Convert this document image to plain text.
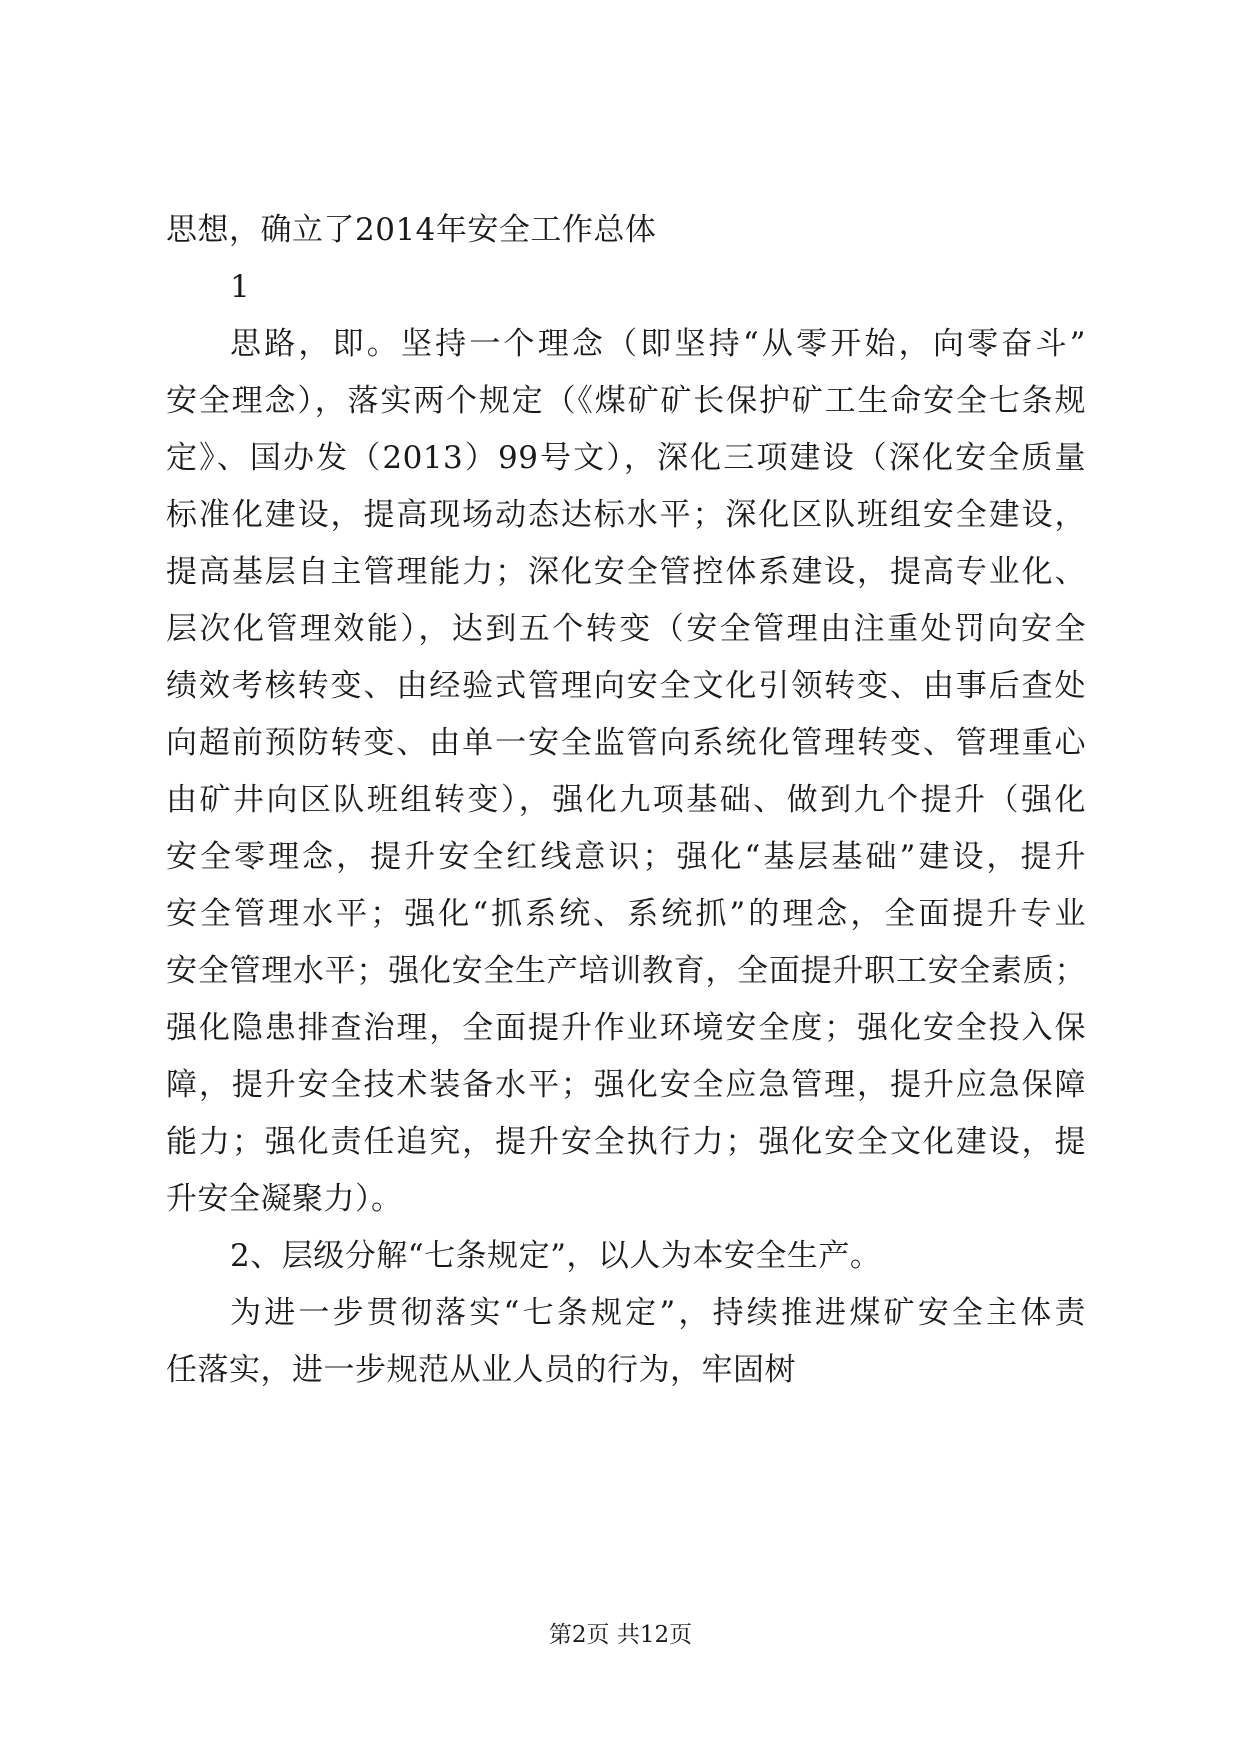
思想，确立了2014年安全工作总体
1
思路，即。坚持一个理念（即坚持“从零开始，向零奋斗”
安全理念），落实两个规定（《煤矿矿长保护矿工生命安全七条规
定》、国办发（2013）99号文），深化三项建设（深化安全质量
标准化建设，提高现场动态达标水平；深化区队班组安全建设，
提高基层自主管理能力；深化安全管控体系建设，提高专业化、
层次化管理效能），达到五个转变（安全管理由注重处罚向安全
绩效考核转变、由经验式管理向安全文化引领转变、由事后查处
向超前预防转变、由单一安全监管向系统化管理转变、管理重心
由矿井向区队班组转变），强化九项基础、做到九个提升（强化
安全零理念，提升安全红线意识；强化“基层基础”建设，提升
安全管理水平；强化“抓系统、系统抓”的理念，全面提升专业
安全管理水平；强化安全生产培训教育，全面提升职工安全素质；
强化隐患排查治理，全面提升作业环境安全度；强化安全投入保
障，提升安全技术装备水平；强化安全应急管理，提升应急保障
能力；强化责任追究，提升安全执行力；强化安全文化建设，提
升安全凝聚力）。
2、层级分解“七条规定”，以人为本安全生产。
为进一步贯彻落实“七条规定”，持续推进煤矿安全主体责
任落实，进一步规范从业人员的行为，牢固树
第2页 共12页
